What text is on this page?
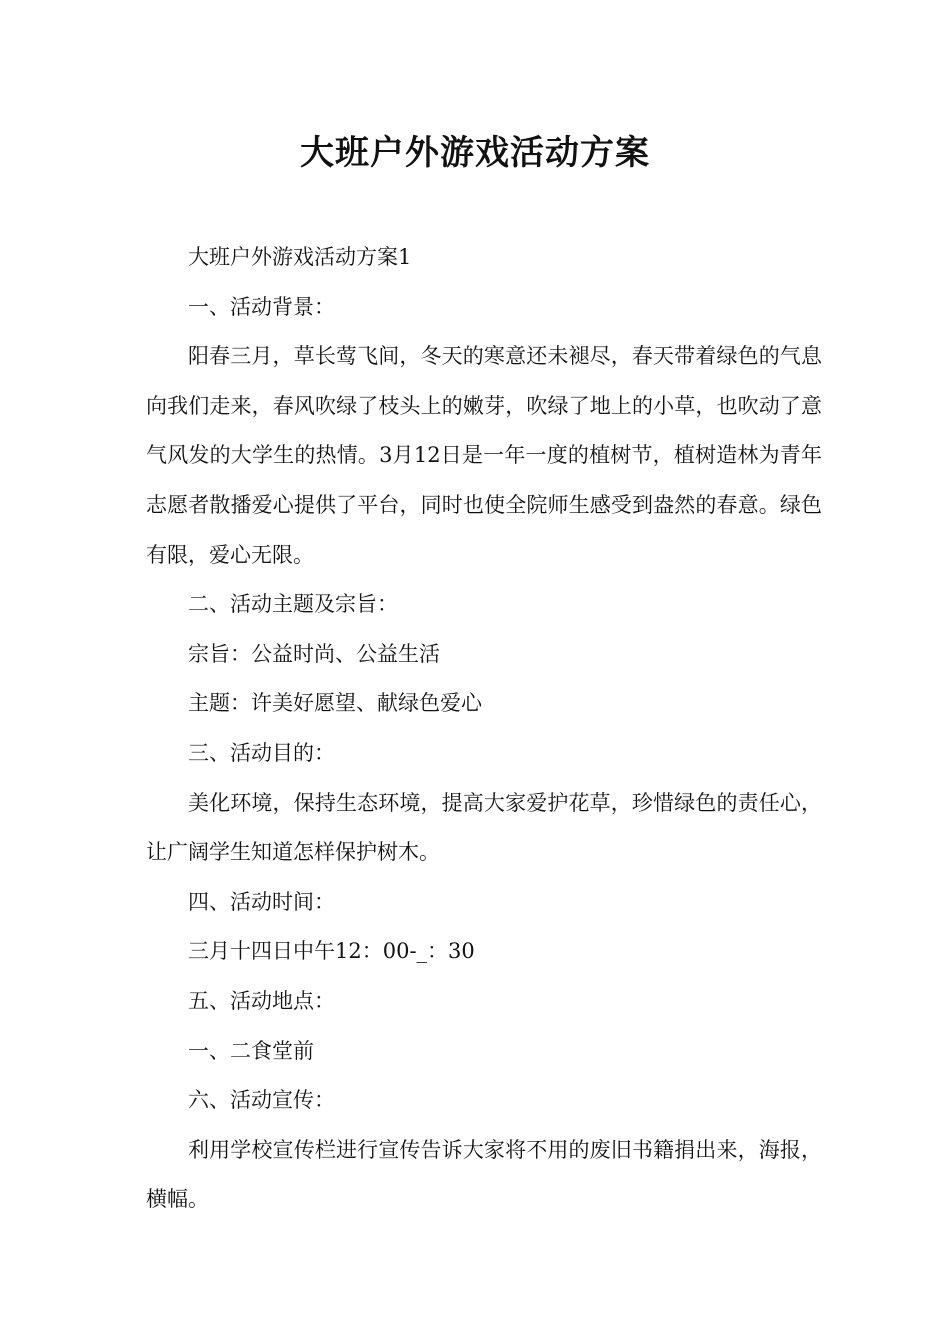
大班户外游戏活动方案

大班户外游戏活动方案1

一、活动背景：

阳春三月，草长莺飞间，冬天的寒意还未褪尽，春天带着绿色的气息向我们走来，春风吹绿了枝头上的嫩芽，吹绿了地上的小草，也吹动了意气风发的大学生的热情。3月12日是一年一度的植树节，植树造林为青年志愿者散播爱心提供了平台，同时也使全院师生感受到盎然的春意。绿色有限，爱心无限。

二、活动主题及宗旨：

宗旨：公益时尚、公益生活

主题：许美好愿望、献绿色爱心

三、活动目的：

美化环境，保持生态环境，提高大家爱护花草，珍惜绿色的责任心，让广阔学生知道怎样保护树木。

四、活动时间：

三月十四日中午12：00-_：30

五、活动地点：

一、二食堂前

六、活动宣传：

利用学校宣传栏进行宣传告诉大家将不用的废旧书籍捐出来，海报，横幅。
